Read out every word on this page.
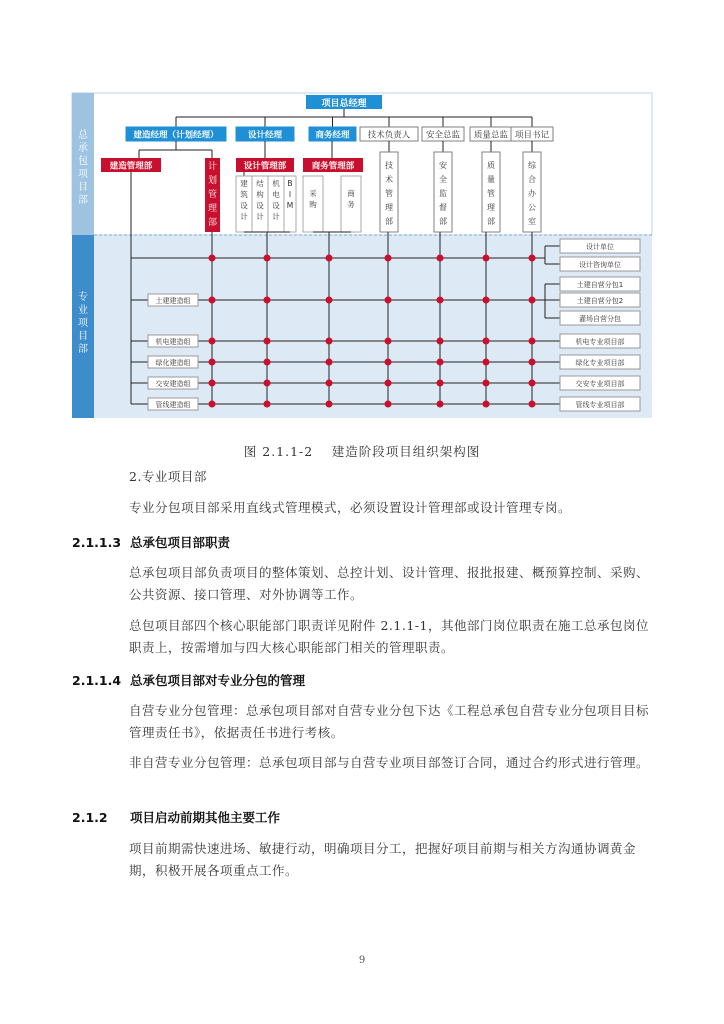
总承包项目部
专业项目部
项目总经理
建造经理（计划经理）	设计经理	商务经理 技术负责人 安全总监 质量总监 项目书记
建造管理部	计划管理部
设计管理部	商务管理部
建筑设计
结构设计
机电设计
B I M
采购
商务
技术管理部
安全监督部
质量管理部
综合办公室
土建建造组
机电建造组
绿化建造组
交安建造组
管线建造组
设计单位
设计咨询单位
土建自营分包1
土建自营分包2
灌场自营分包
机电专业项目部
绿化专业项目部
交安专业项目部
管线专业项目部
图 2.1.1-2　 建造阶段项目组织架构图
2.专业项目部
专业分包项目部采用直线式管理模式，必须设置设计管理部或设计管理专岗。
2.1.1.3 总承包项目部职责
总承包项目部负责项目的整体策划、总控计划、设计管理、报批报建、概预算控制、采购、公共资源、接口管理、对外协调等工作。
总包项目部四个核心职能部门职责详见附件 2.1.1-1，其他部门岗位职责在施工总承包岗位职责上，按需增加与四大核心职能部门相关的管理职责。
2.1.1.4 总承包项目部对专业分包的管理
自营专业分包管理：总承包项目部对自营专业分包下达《工程总承包自营专业分包项目目标管理责任书》，依据责任书进行考核。
非自营专业分包管理：总承包项目部与自营专业项目部签订合同，通过合约形式进行管理。
2.1.2 项目启动前期其他主要工作
项目前期需快速进场、敏捷行动，明确项目分工，把握好项目前期与相关方沟通协调黄金期，积极开展各项重点工作。
9
